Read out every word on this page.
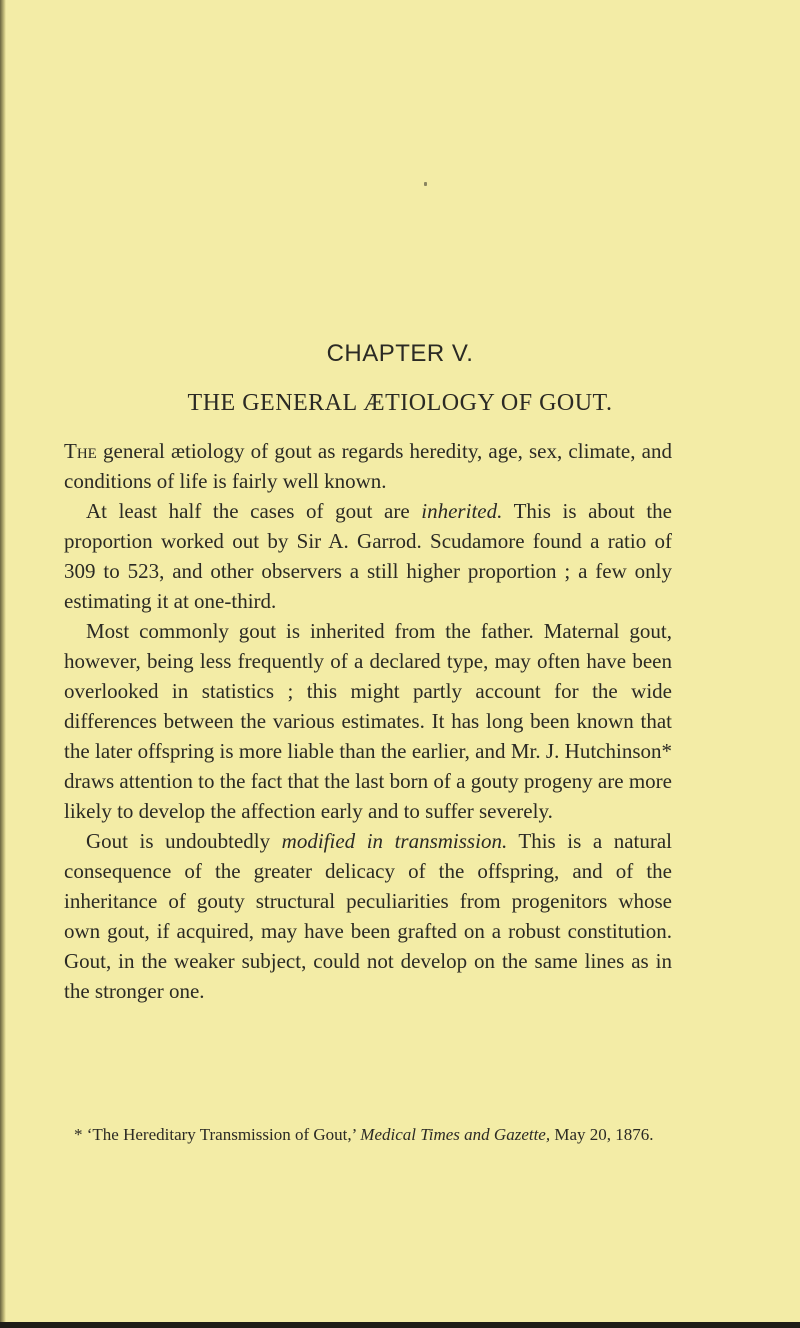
CHAPTER V.
THE GENERAL ÆTIOLOGY OF GOUT.

The general ætiology of gout as regards heredity, age, sex, climate, and conditions of life is fairly well known.

At least half the cases of gout are inherited. This is about the proportion worked out by Sir A. Garrod. Scudamore found a ratio of 309 to 523, and other observers a still higher proportion ; a few only estimating it at one-third.

Most commonly gout is inherited from the father. Maternal gout, however, being less frequently of a declared type, may often have been overlooked in statistics ; this might partly account for the wide differences between the various estimates. It has long been known that the later offspring is more liable than the earlier, and Mr. J. Hutchinson* draws attention to the fact that the last born of a gouty progeny are more likely to develop the affection early and to suffer severely.

Gout is undoubtedly modified in transmission. This is a natural consequence of the greater delicacy of the offspring, and of the inheritance of gouty structural peculiarities from progenitors whose own gout, if acquired, may have been grafted on a robust constitution. Gout, in the weaker subject, could not develop on the same lines as in the stronger one.

* ‘The Hereditary Transmission of Gout,’ Medical Times and Gazette, May 20, 1876.
